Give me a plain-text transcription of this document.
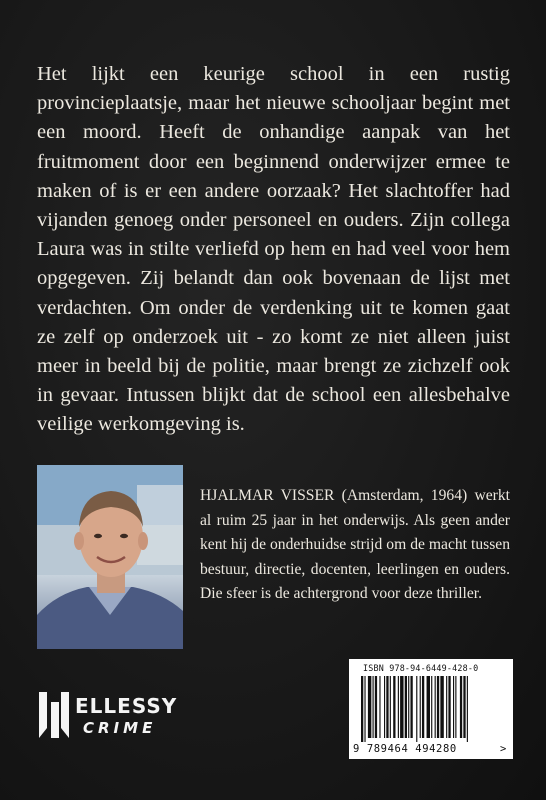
Het lijkt een keurige school in een rustig provincieplaatsje, maar het nieuwe schooljaar begint met een moord. Heeft de onhandige aanpak van het fruitmoment door een beginnend onderwijzer ermee te maken of is er een andere oorzaak? Het slachtoffer had vijanden genoeg onder personeel en ouders. Zijn collega Laura was in stilte verliefd op hem en had veel voor hem opgegeven. Zij belandt dan ook bovenaan de lijst met verdachten. Om onder de verdenking uit te komen gaat ze zelf op onderzoek uit - zo komt ze niet alleen juist meer in beeld bij de politie, maar brengt ze zichzelf ook in gevaar. Intussen blijkt dat de school een allesbehalve veilige werkomgeving is.

HJALMAR VISSER (Amsterdam, 1964) werkt al ruim 25 jaar in het onderwijs. Als geen ander kent hij de onderhuidse strijd om de macht tussen bestuur, directie, docenten, leerlingen en ouders. Die sfeer is de achtergrond voor deze thriller.

ELLESSY
CRIME
ISBN 978-94-6449-428-0
9 789464 494280	>
